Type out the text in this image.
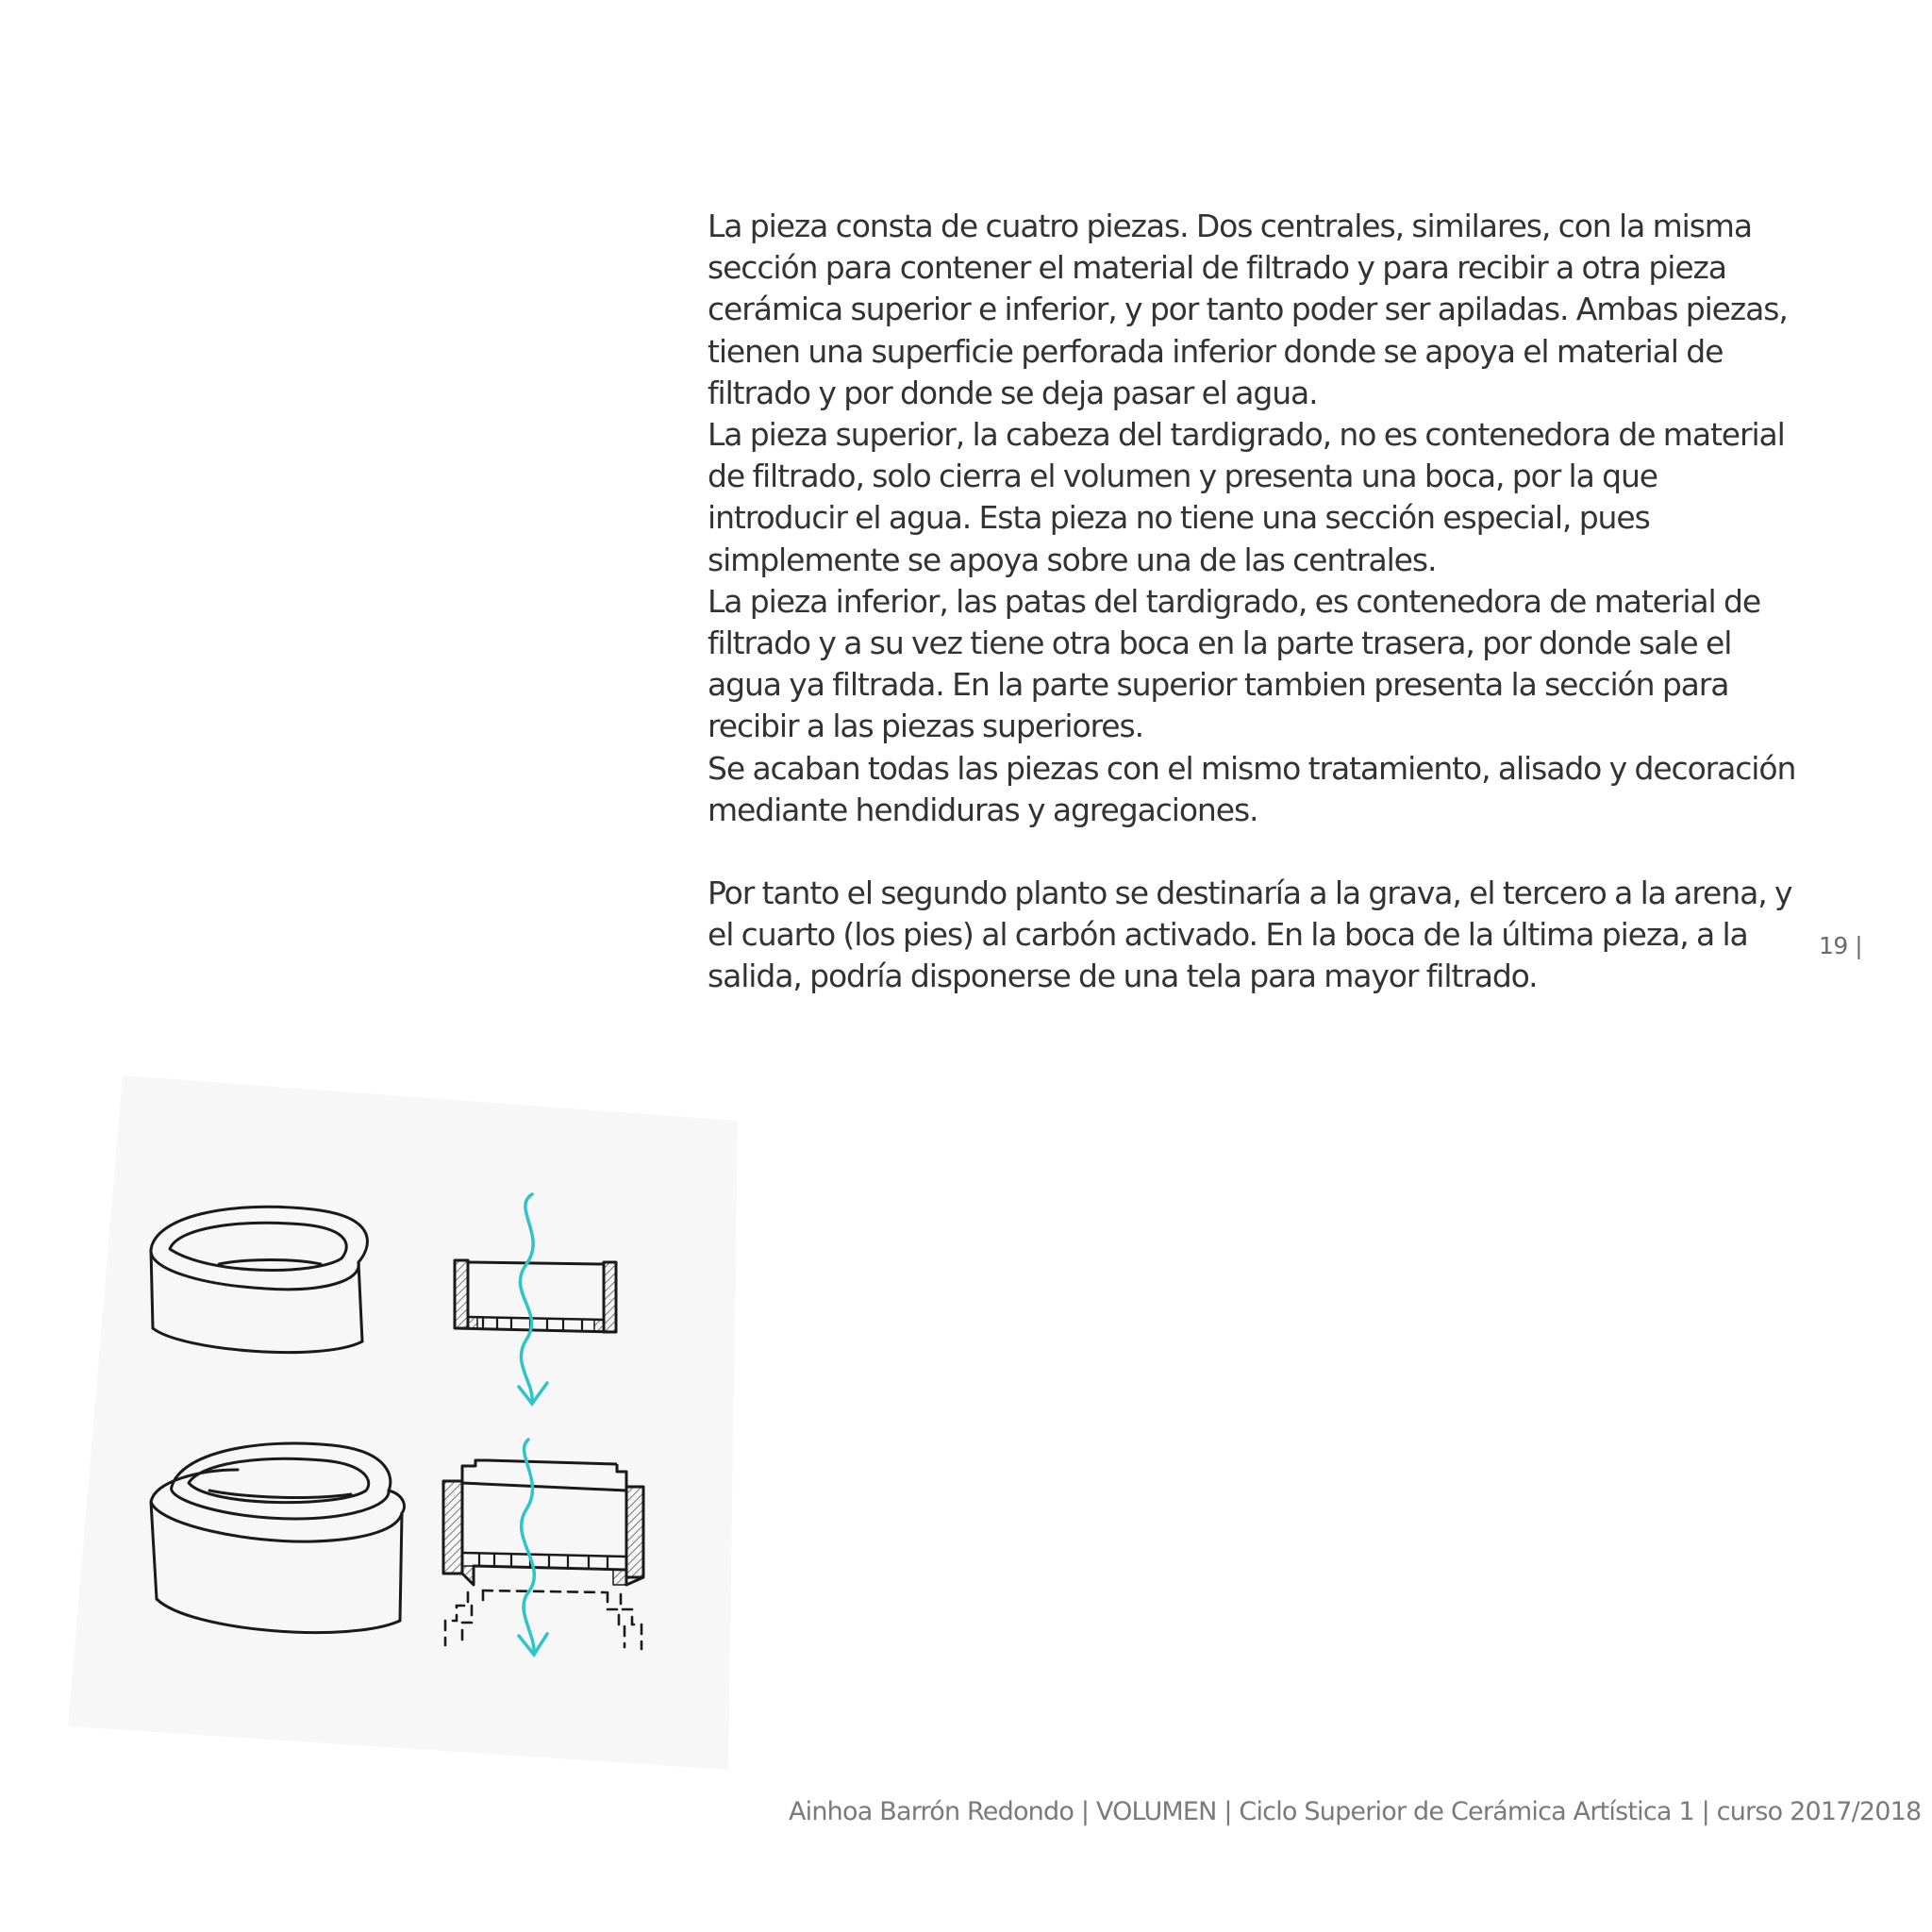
La pieza consta de cuatro piezas. Dos centrales, similares, con la misma sección para contener el material de filtrado y para recibir a otra pieza cerámica superior e inferior, y por tanto poder ser apiladas. Ambas piezas, tienen una superficie perforada inferior donde se apoya el material de filtrado y por donde se deja pasar el agua.

La pieza superior, la cabeza del tardigrado, no es contenedora de material de filtrado, solo cierra el volumen y presenta una boca, por la que introducir el agua. Esta pieza no tiene una sección especial, pues simplemente se apoya sobre una de las centrales.

La pieza inferior, las patas del tardigrado, es contenedora de material de filtrado y a su vez tiene otra boca en la parte trasera, por donde sale el agua ya filtrada. En la parte superior tambien presenta la sección para recibir a las piezas superiores.

Se acaban todas las piezas con el mismo tratamiento, alisado y decoración mediante hendiduras y agregaciones.

Por tanto el segundo planto se destinaría a la grava, el tercero a la arena, y el cuarto (los pies) al carbón activado. En la boca de la última pieza, a la salida, podría disponerse de una tela para mayor filtrado.

19 |
Ainhoa Barrón Redondo | VOLUMEN | Ciclo Superior de Cerámica Artística 1 | curso 2017/2018
